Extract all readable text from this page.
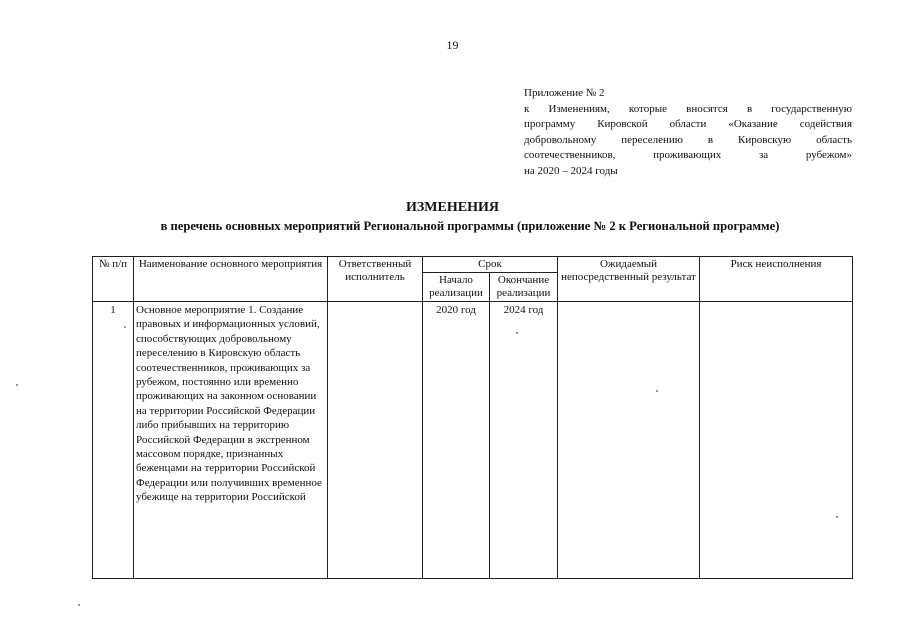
19
Приложение № 2
к Изменениям, которые вносятся в государственную
программу Кировской области «Оказание содействия
добровольному переселению в Кировскую область
соотечественников, проживающих за рубежом»
на 2020 – 2024 годы
ИЗМЕНЕНИЯ
в перечень основных мероприятий Региональной программы (приложение № 2 к Региональной программе)
№ п/п	Наименование основного мероприятия	Ответственный исполнитель	Срок		Ожидаемый непосредственный результат	Риск неисполнения
			Начало реализации	Окончание реализации		
1	Основное мероприятие 1. Создание правовых и информационных условий, способствующих добровольному переселению в Кировскую область соотечественников, проживающих за рубежом, постоянно или временно проживающих на законном основании на территории Российской Федерации либо прибывших на территорию Российской Федерации в экстренном массовом порядке, признанных беженцами на территории Российской Федерации или получивших временное убежище на территории Российской		2020 год	2024 год		
